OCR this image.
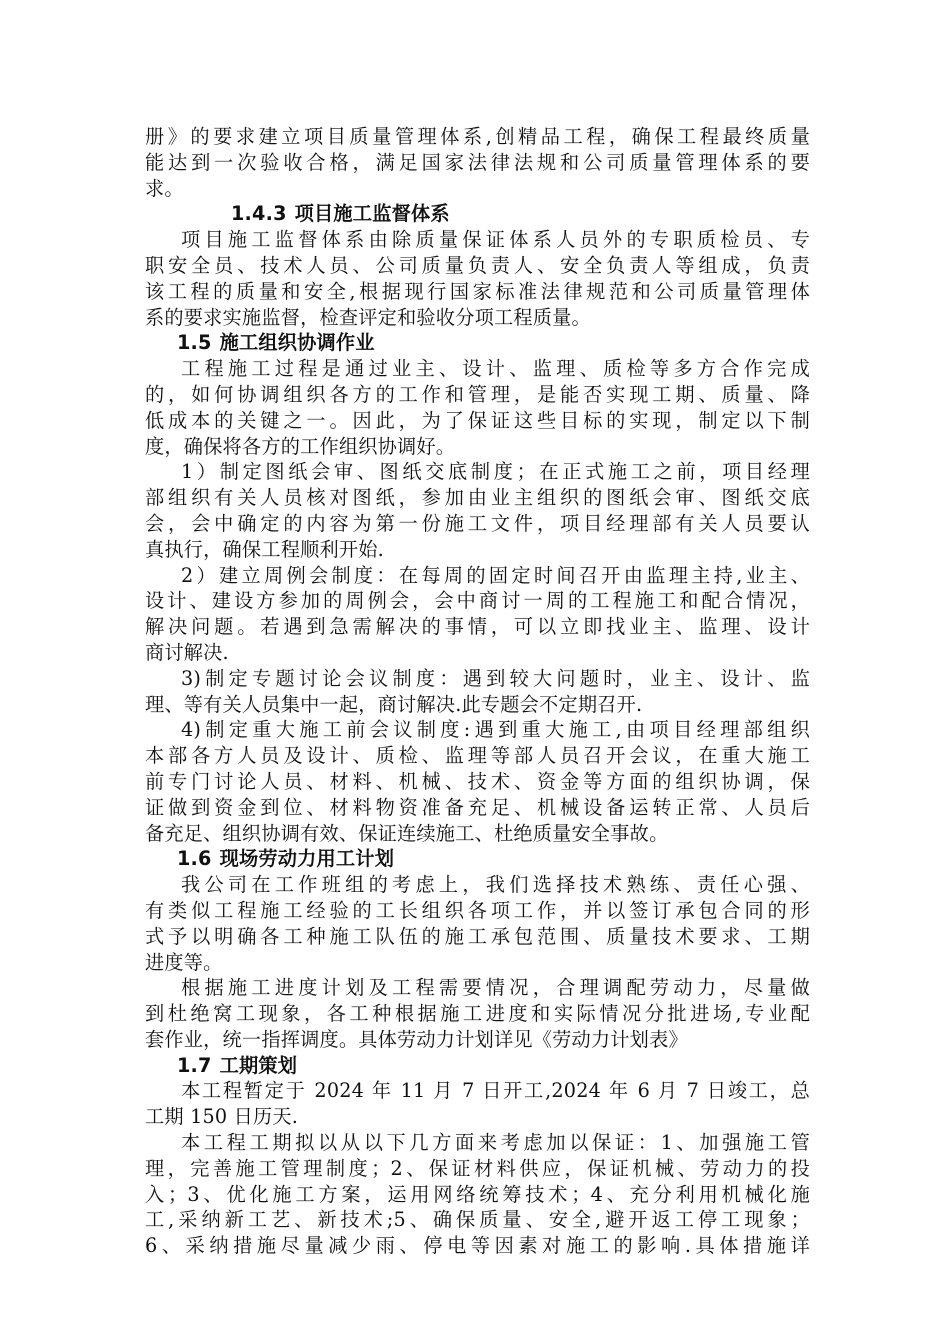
册》的要求建立项目质量管理体系,创精品工程，确保工程最终质量
能达到一次验收合格，满足国家法律法规和公司质量管理体系的要
求。
1.4.3 项目施工监督体系
项目施工监督体系由除质量保证体系人员外的专职质检员、专
职安全员、技术人员、公司质量负责人、安全负责人等组成，负责
该工程的质量和安全,根据现行国家标准法律规范和公司质量管理体
系的要求实施监督，检查评定和验收分项工程质量。
1.5 施工组织协调作业
工程施工过程是通过业主、设计、监理、质检等多方合作完成
的，如何协调组织各方的工作和管理，是能否实现工期、质量、降
低成本的关键之一。因此，为了保证这些目标的实现，制定以下制
度，确保将各方的工作组织协调好。
1）制定图纸会审、图纸交底制度；在正式施工之前，项目经理
部组织有关人员核对图纸，参加由业主组织的图纸会审、图纸交底
会，会中确定的内容为第一份施工文件，项目经理部有关人员要认
真执行，确保工程顺利开始.
2）建立周例会制度：在每周的固定时间召开由监理主持,业主、
设计、建设方参加的周例会，会中商讨一周的工程施工和配合情况，
解决问题。若遇到急需解决的事情，可以立即找业主、监理、设计
商讨解决.
3)制定专题讨论会议制度：遇到较大问题时，业主、设计、监
理、等有关人员集中一起，商讨解决.此专题会不定期召开.
4)制定重大施工前会议制度:遇到重大施工,由项目经理部组织
本部各方人员及设计、质检、监理等部人员召开会议，在重大施工
前专门讨论人员、材料、机械、技术、资金等方面的组织协调，保
证做到资金到位、材料物资准备充足、机械设备运转正常、人员后
备充足、组织协调有效、保证连续施工、杜绝质量安全事故。
1.6 现场劳动力用工计划
我公司在工作班组的考虑上，我们选择技术熟练、责任心强、
有类似工程施工经验的工长组织各项工作，并以签订承包合同的形
式予以明确各工种施工队伍的施工承包范围、质量技术要求、工期
进度等。
根据施工进度计划及工程需要情况，合理调配劳动力，尽量做
到杜绝窝工现象，各工种根据施工进度和实际情况分批进场,专业配
套作业，统一指挥调度。具体劳动力计划详见《劳动力计划表》
1.7 工期策划
本工程暂定于 2024 年 11 月 7 日开工,2024 年 6 月 7 日竣工，总
工期 150 日历天.
本工程工期拟以从以下几方面来考虑加以保证：1、加强施工管
理，完善施工管理制度；2、保证材料供应，保证机械、劳动力的投
入；3、优化施工方案，运用网络统筹技术；4、充分利用机械化施
工,采纳新工艺、新技术;5、确保质量、安全,避开返工停工现象；
6、采纳措施尽量减少雨、停电等因素对施工的影响.具体措施详
